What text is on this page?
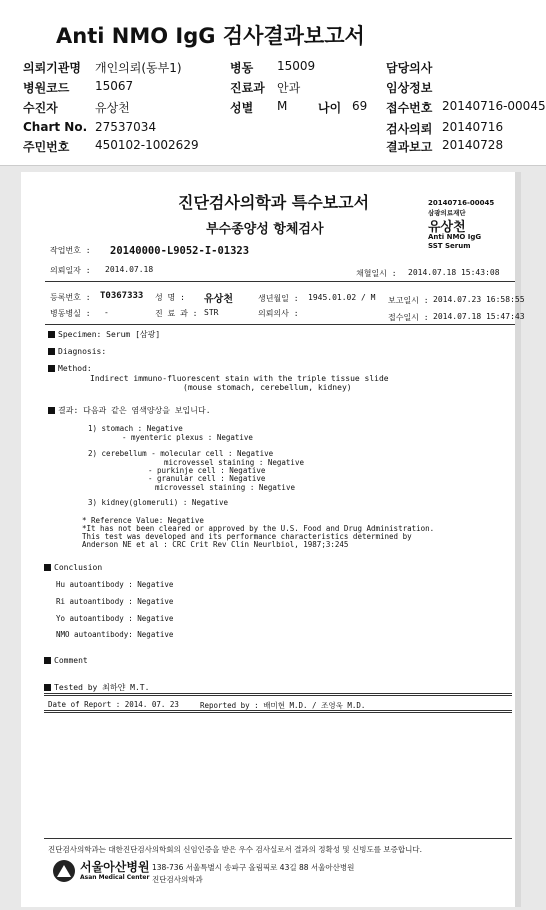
Anti NMO IgG 검사결과보고서
의뢰기관명 개인의뢰(동부1)	병동 15009	담당의사
병원코드 15067	진료과 안과	임상정보
수진자	유상천	성별 M	나이 69 접수번호 20140716-00045
Chart No. 27537034	검사의뢰 20140716
주민번호 450102-1002629	결과보고 20140728
진단검사의학과 특수보고서
부수종양성 항체검사
20140716-00045
삼광의료재단
유상천
Anti NMO IgG
SST Serum
작업번호 : 20140000-L9052-I-01323
의뢰일자 : 2014.07.18	채혈일시 : 2014.07.18 15:43:08
등록번호 : T0367333 성 명 : 유상천	생년월일 : 1945.01.02 / M 보고일시 : 2014.07.23 16:58:55
병동병실 : -	진 료 과 : STR	의뢰의사 :	접수일시 : 2014.07.18 15:47:43
Specimen: Serum [삼광]
Diagnosis:
Method:
Indirect immuno-fluorescent stain with the triple tissue slide
(mouse stomach, cerebellum, kidney)
결과: 다음과 같은 염색양상을 보입니다.
1) stomach : Negative
- myenteric plexus : Negative
2) cerebellum - molecular cell : Negative
microvessel staining : Negative
- purkinje cell : Negative
- granular cell : Negative
microvessel staining : Negative
3) kidney(glomeruli) : Negative
* Reference Value: Negative
*It has not been cleared or approved by the U.S. Food and Drug Administration.
This test was developed and its performance characteristics determined by
Anderson NE et al : CRC Crit Rev Clin Neurlbiol, 1987;3:245
Conclusion
Hu autoantibody : Negative
Ri autoantibody : Negative
Yo autoantibody : Negative
NMO autoantibody: Negative
Comment
Tested by 최하얀 M.T.
Date of Report : 2014. 07. 23	Reported by : 배미현 M.D. / 조영욱 M.D.
진단검사의학과는 대한진단검사의학회의 신임인증을 받은 우수 검사실로서 결과의 정확성 및 신빙도를 보증합니다.
서울아산병원
Asan Medical Center
138-736 서울특별시 송파구 올림픽로 43길 88 서울아산병원
진단검사의학과
